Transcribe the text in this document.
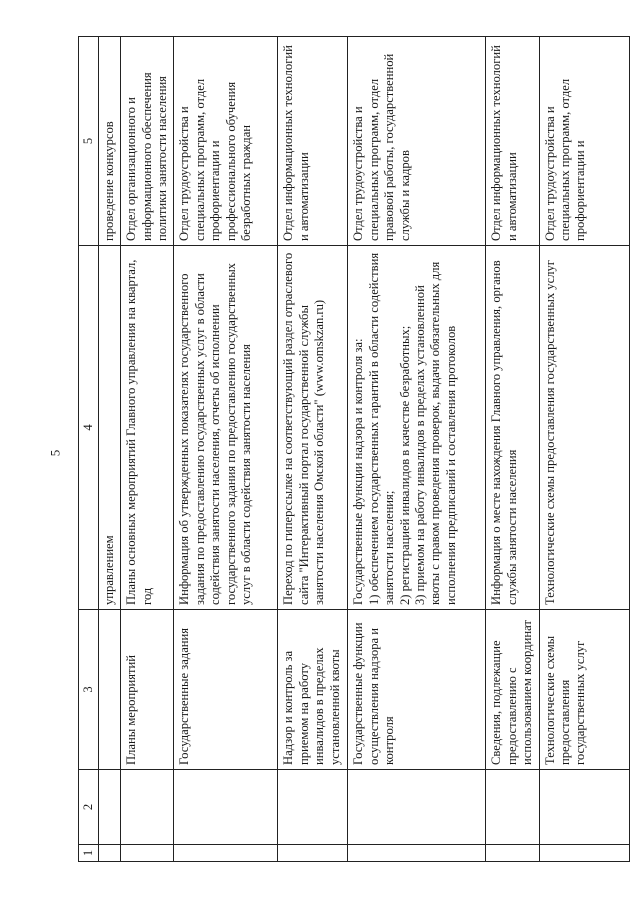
5
1	2	3	4	5
			управлением	проведение конкурсов
		Планы мероприятий	Планы основных мероприятий Главного управления на квартал, год	Отдел организационного и информационного обеспечения политики занятости населения
		Государственные задания	Информация об утвержденных показателях государственного задания по предоставлению государственных услуг в области содействия занятости населения, отчеты об исполнении государственного задания по предоставлению государственных услуг в области содействия занятости населения	Отдел трудоустройства и специальных программ, отдел профориентации и профессионального обучения безработных граждан
		Надзор и контроль за приемом на работу инвалидов в пределах установленной квоты	Переход по гиперссылке на соответствующий раздел отраслевого сайта "Интерактивный портал государственной службы занятости населения Омской области" (www.omskzan.ru)	Отдел информационных технологий и автоматизации
		Государственные функции осуществления надзора и контроля	Государственные функции надзора и контроля за:
1) обеспечением государственных гарантий в области содействия занятости населения;
2) регистрацией инвалидов в качестве безработных;
3) приемом на работу инвалидов в пределах установленной квоты с правом проведения проверок, выдачи обязательных для исполнения предписаний и составления протоколов	Отдел трудоустройства и специальных программ, отдел правовой работы, государственной службы и кадров
		Сведения, подлежащие предоставлению с использованием координат	Информация о месте нахождения Главного управления, органов службы занятости населения	Отдел информационных технологий и автоматизации
		Технологические схемы предоставления государственных услуг	Технологические схемы предоставления государственных услуг	Отдел трудоустройства и специальных программ, отдел профориентации и
